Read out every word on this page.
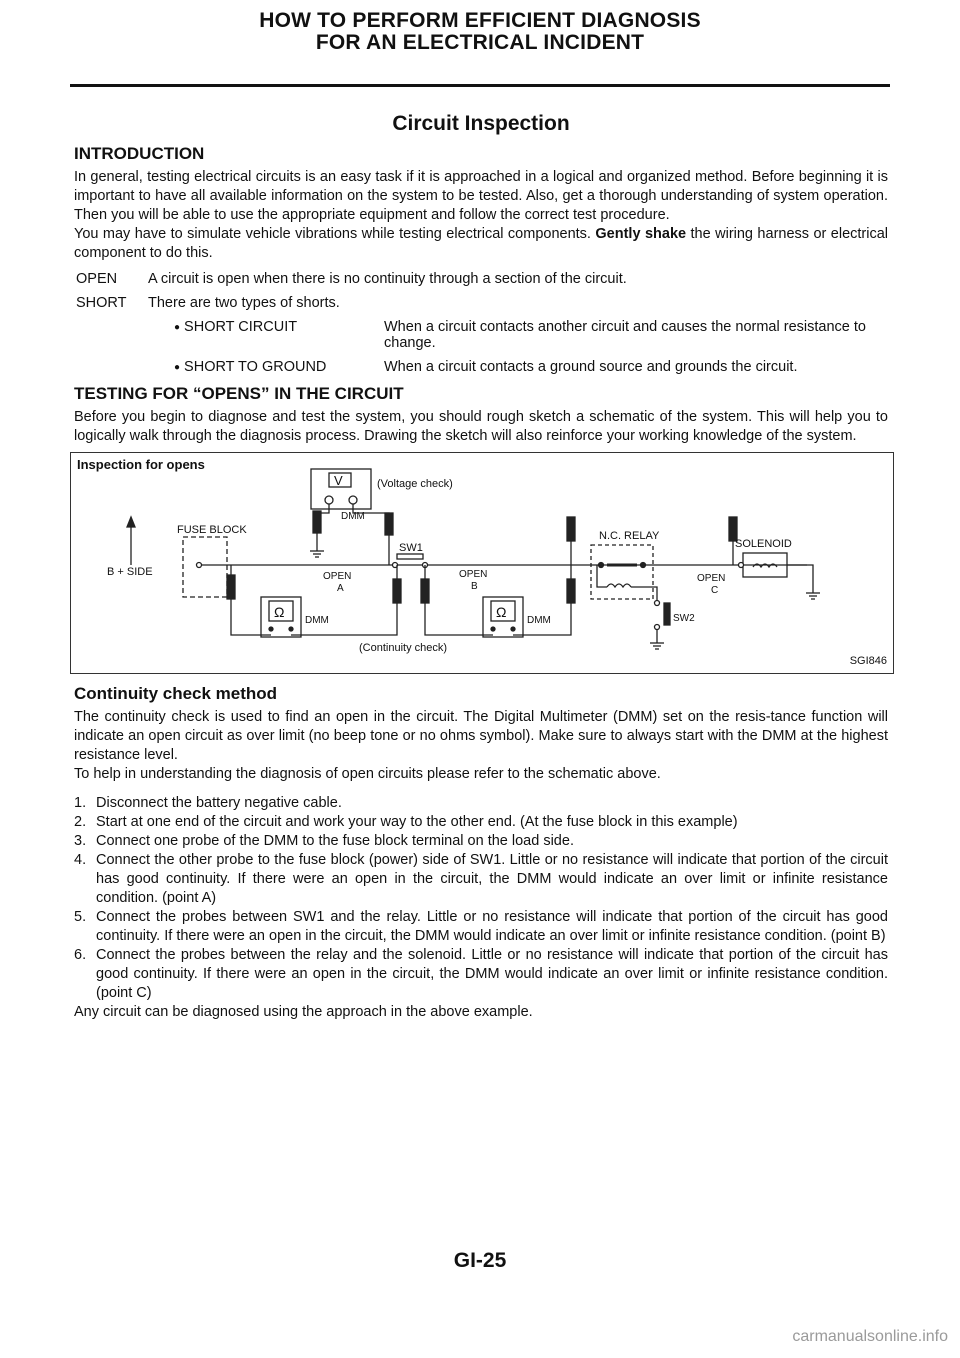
HOW TO PERFORM EFFICIENT DIAGNOSIS
FOR AN ELECTRICAL INCIDENT
Circuit Inspection
INTRODUCTION

In general, testing electrical circuits is an easy task if it is approached in a logical and organized method. Before beginning it is important to have all available information on the system to be tested. Also, get a thorough understanding of system operation. Then you will be able to use the appropriate equipment and follow the correct test procedure.

You may have to simulate vehicle vibrations while testing electrical components. Gently shake the wiring harness or electrical component to do this.

OPEN	A circuit is open when there is no continuity through a section of the circuit.
SHORT	There are two types of shorts.
● SHORT CIRCUIT	When a circuit contacts another circuit and causes the normal resistance to change.
● SHORT TO GROUND	When a circuit contacts a ground source and grounds the circuit.
TESTING FOR “OPENS” IN THE CIRCUIT

Before you begin to diagnose and test the system, you should rough sketch a schematic of the system. This will help you to logically walk through the diagnosis process. Drawing the sketch will also reinforce your working knowledge of the system.

Inspection for opens
B + SIDE
FUSE BLOCK
V	(Voltage check)
DMM
SW1
OPEN
A
OPEN
B
OPEN
C
Ω
DMM
Ω
DMM
(Continuity check)
N.C. RELAY
SW2
SOLENOID
SGI846
Continuity check method

The continuity check is used to find an open in the circuit. The Digital Multimeter (DMM) set on the resis-tance function will indicate an open circuit as over limit (no beep tone or no ohms symbol). Make sure to always start with the DMM at the highest resistance level.

To help in understanding the diagnosis of open circuits please refer to the schematic above.

1. Disconnect the battery negative cable.
2. Start at one end of the circuit and work your way to the other end. (At the fuse block in this example)
3. Connect one probe of the DMM to the fuse block terminal on the load side.
4. Connect the other probe to the fuse block (power) side of SW1. Little or no resistance will indicate that portion of the circuit has good continuity. If there were an open in the circuit, the DMM would indicate an over limit or infinite resistance condition. (point A)
5. Connect the probes between SW1 and the relay. Little or no resistance will indicate that portion of the circuit has good continuity. If there were an open in the circuit, the DMM would indicate an over limit or infinite resistance condition. (point B)
6. Connect the probes between the relay and the solenoid. Little or no resistance will indicate that portion of the circuit has good continuity. If there were an open in the circuit, the DMM would indicate an over limit or infinite resistance condition. (point C)

Any circuit can be diagnosed using the approach in the above example.

GI-25
carmanualsonline.info
